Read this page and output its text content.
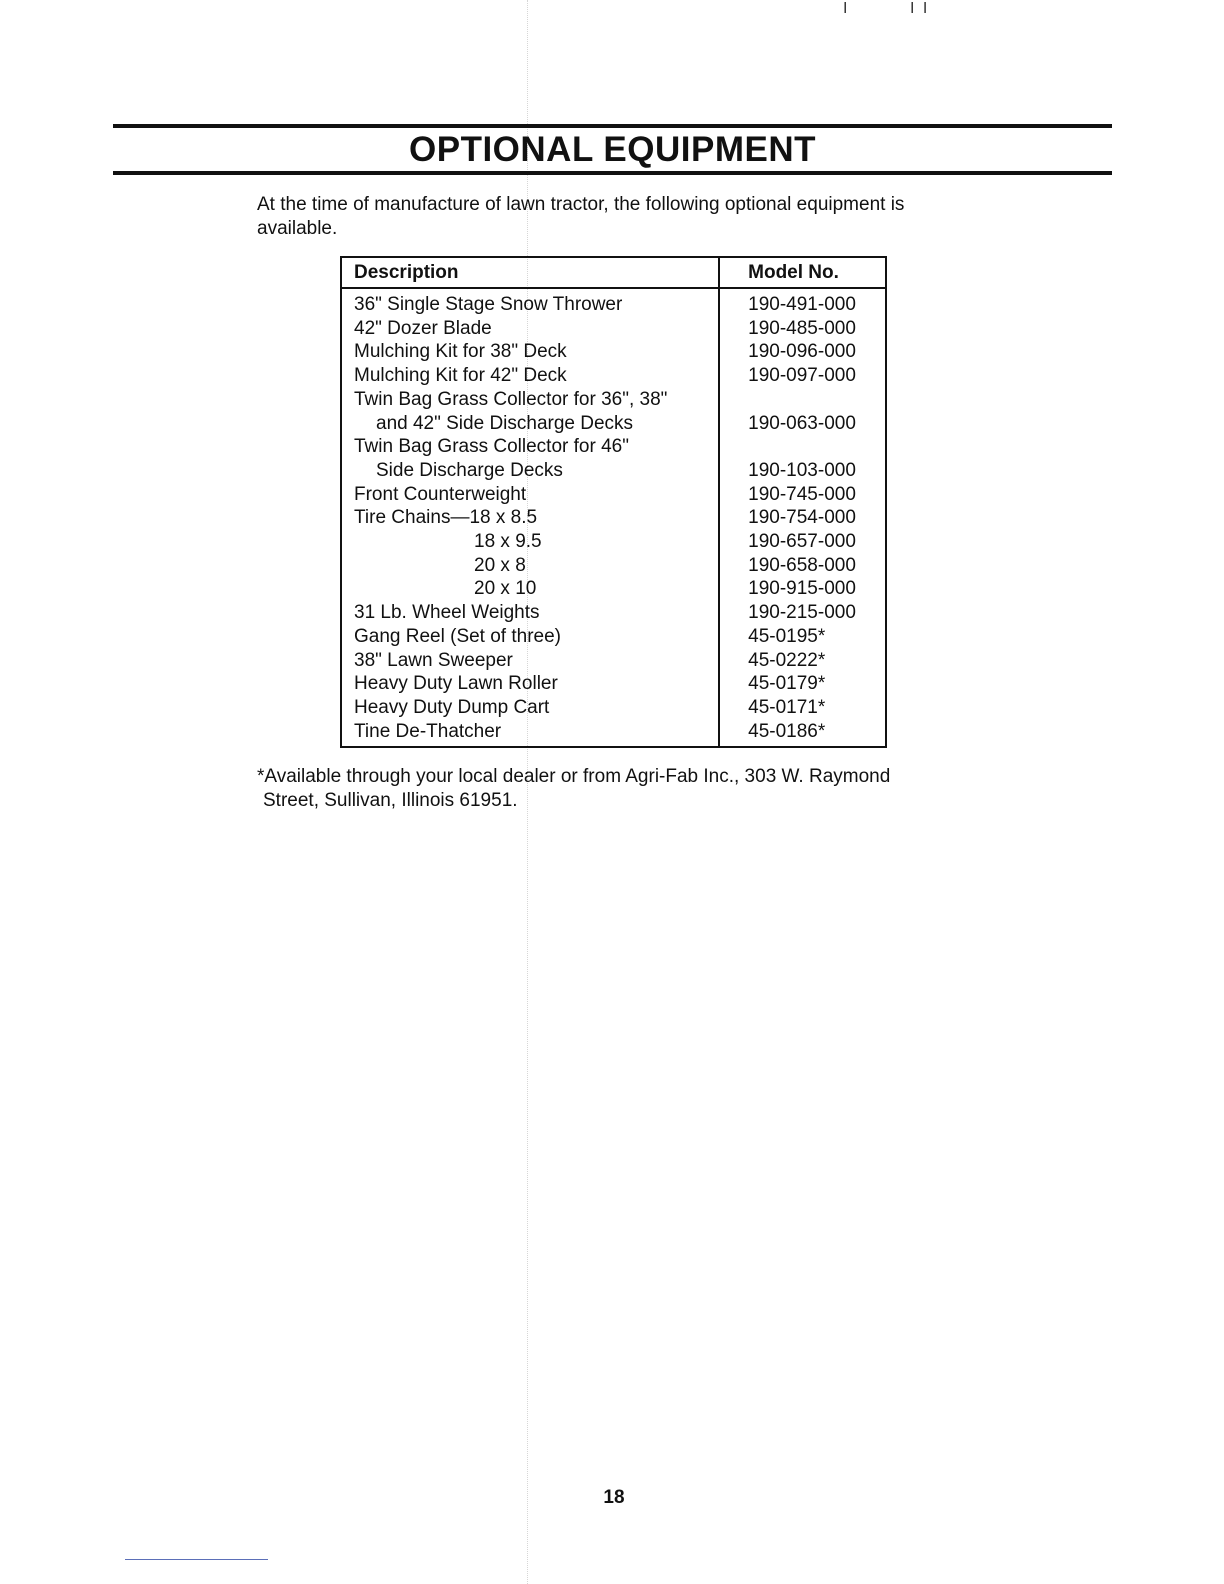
I	I I
OPTIONAL EQUIPMENT

At the time of manufacture of lawn tractor, the following optional equipment is available.

Description	Model No.
36" Single Stage Snow Thrower	190-491-000
42" Dozer Blade	190-485-000
Mulching Kit for 38" Deck	190-096-000
Mulching Kit for 42" Deck	190-097-000
Twin Bag Grass Collector for 36", 38"	
and 42" Side Discharge Decks	190-063-000
Twin Bag Grass Collector for 46"	
Side Discharge Decks	190-103-000
Front Counterweight	190-745-000
Tire Chains—18 x 8.5	190-754-000
18 x 9.5	190-657-000
20 x 8	190-658-000
20 x 10	190-915-000
31 Lb. Wheel Weights	190-215-000
Gang Reel (Set of three)	45-0195*
38" Lawn Sweeper	45-0222*
Heavy Duty Lawn Roller	45-0179*
Heavy Duty Dump Cart	45-0171*
Tine De-Thatcher	45-0186*

*Available through your local dealer or from Agri-Fab Inc., 303 W. Raymond
Street, Sullivan, Illinois 61951.

18
